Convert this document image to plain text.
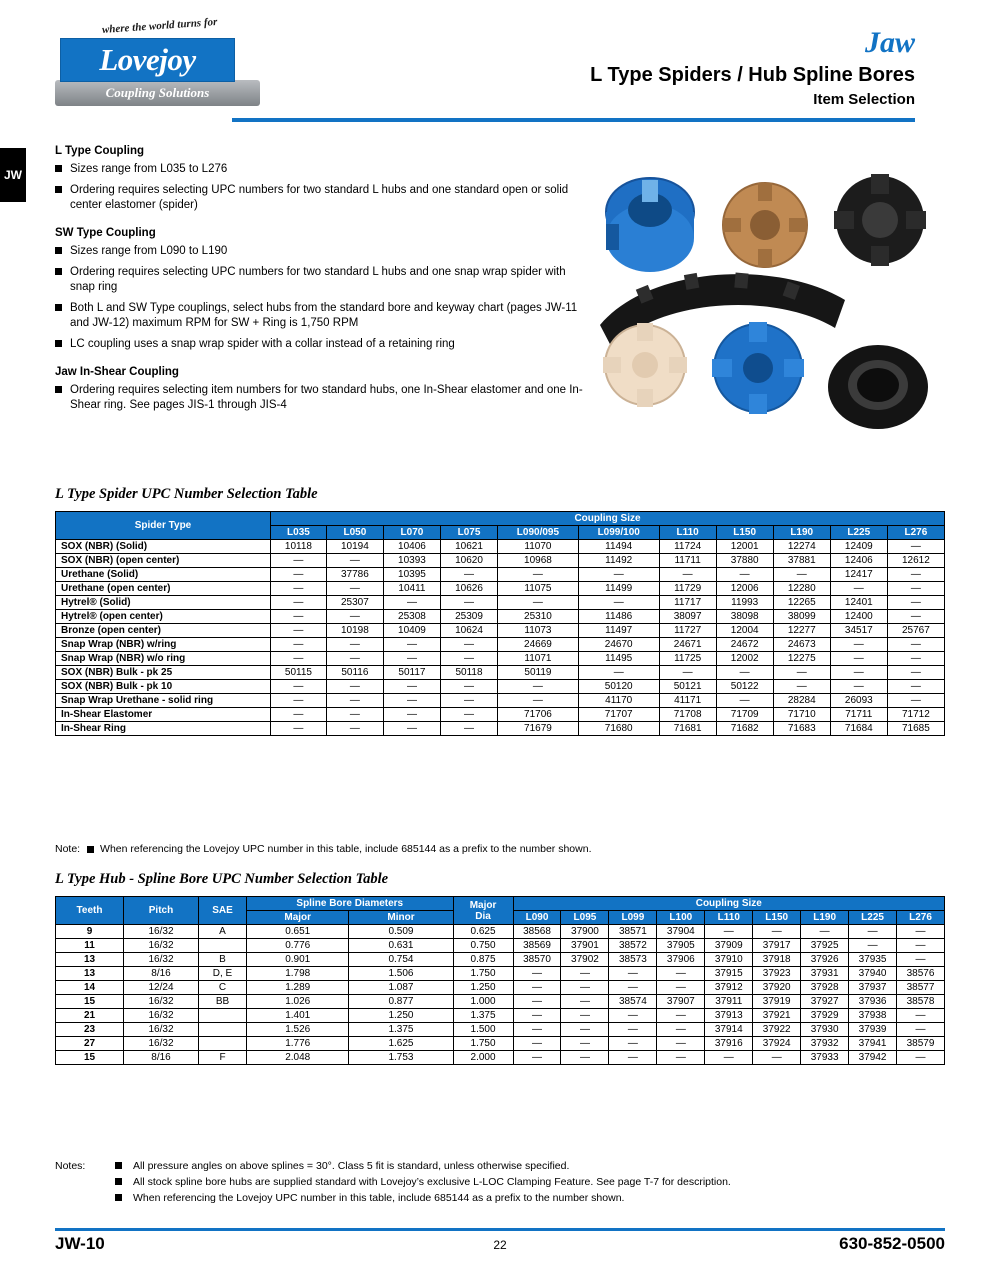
where the world turns for
Coupling Solutions
Lovejoy	Jaw
L Type Spiders / Hub Spline Bores
Item Selection
JW
L Type Coupling
Sizes range from L035 to L276
Ordering requires selecting UPC numbers for two standard L hubs and one standard open or solid center elastomer (spider)
SW Type Coupling
Sizes range from L090 to L190
Ordering requires selecting UPC numbers for two standard L hubs and one snap wrap spider with snap ring
Both L and SW Type couplings, select hubs from the standard bore and keyway chart (pages JW-11 and JW-12) maximum RPM for SW + Ring is 1,750 RPM
LC coupling uses a snap wrap spider with a collar instead of a retaining ring
Jaw In-Shear Coupling
Ordering requires selecting item numbers for two standard hubs, one In-Shear elastomer and one In-Shear ring. See pages JIS-1 through JIS-4
L Type Spider UPC Number Selection Table
Spider Type	Coupling Size										
	L035	L050	L070	L075	L090/095	L099/100	L110	L150	L190	L225	L276
SOX (NBR) (Solid)	10118	10194	10406	10621	11070	11494	11724	12001	12274	12409	—
SOX (NBR) (open center)	—	—	10393	10620	10968	11492	11711	37880	37881	12406	12612
Urethane (Solid)	—	37786	10395	—	—	—	—	—	—	12417	—
Urethane (open center)	—	—	10411	10626	11075	11499	11729	12006	12280	—	—
Hytrel® (Solid)	—	25307	—	—	—	—	11717	11993	12265	12401	—
Hytrel® (open center)	—	—	25308	25309	25310	11486	38097	38098	38099	12400	—
Bronze (open center)	—	10198	10409	10624	11073	11497	11727	12004	12277	34517	25767
Snap Wrap (NBR) w/ring	—	—	—	—	24669	24670	24671	24672	24673	—	—
Snap Wrap (NBR) w/o ring	—	—	—	—	11071	11495	11725	12002	12275	—	—
SOX (NBR) Bulk - pk 25	50115	50116	50117	50118	50119	—	—	—	—	—	—
SOX (NBR) Bulk - pk 10	—	—	—	—	—	50120	50121	50122	—	—	—
Snap Wrap Urethane - solid ring	—	—	—	—	—	41170	41171	—	28284	26093	—
In-Shear Elastomer	—	—	—	—	71706	71707	71708	71709	71710	71711	71712
In-Shear Ring	—	—	—	—	71679	71680	71681	71682	71683	71684	71685
Note: When referencing the Lovejoy UPC number in this table, include 685144 as a prefix to the number shown.
L Type Hub - Spline Bore UPC Number Selection Table
Teeth	Pitch	SAE	Spline Bore Diameters		Major
Dia	Coupling Size								
			Major	Minor		L090	L095	L099	L100	L110	L150	L190	L225	L276
9	16/32	A	0.651	0.509	0.625	38568	37900	38571	37904	—	—	—	—	—
11	16/32		0.776	0.631	0.750	38569	37901	38572	37905	37909	37917	37925	—	—
13	16/32	B	0.901	0.754	0.875	38570	37902	38573	37906	37910	37918	37926	37935	—
13	8/16	D, E	1.798	1.506	1.750	—	—	—	—	37915	37923	37931	37940	38576
14	12/24	C	1.289	1.087	1.250	—	—	—	—	37912	37920	37928	37937	38577
15	16/32	BB	1.026	0.877	1.000	—	—	38574	37907	37911	37919	37927	37936	38578
21	16/32		1.401	1.250	1.375	—	—	—	—	37913	37921	37929	37938	—
23	16/32		1.526	1.375	1.500	—	—	—	—	37914	37922	37930	37939	—
27	16/32		1.776	1.625	1.750	—	—	—	—	37916	37924	37932	37941	38579
15	8/16	F	2.048	1.753	2.000	—	—	—	—	—	—	37933	37942	—
Notes:	All pressure angles on above splines = 30°. Class 5 fit is standard, unless otherwise specified.
All stock spline bore hubs are supplied standard with Lovejoy’s exclusive L-LOC Clamping Feature. See page T-7 for description.
When referencing the Lovejoy UPC number in this table, include 685144 as a prefix to the number shown.
JW-10	22	630-852-0500
